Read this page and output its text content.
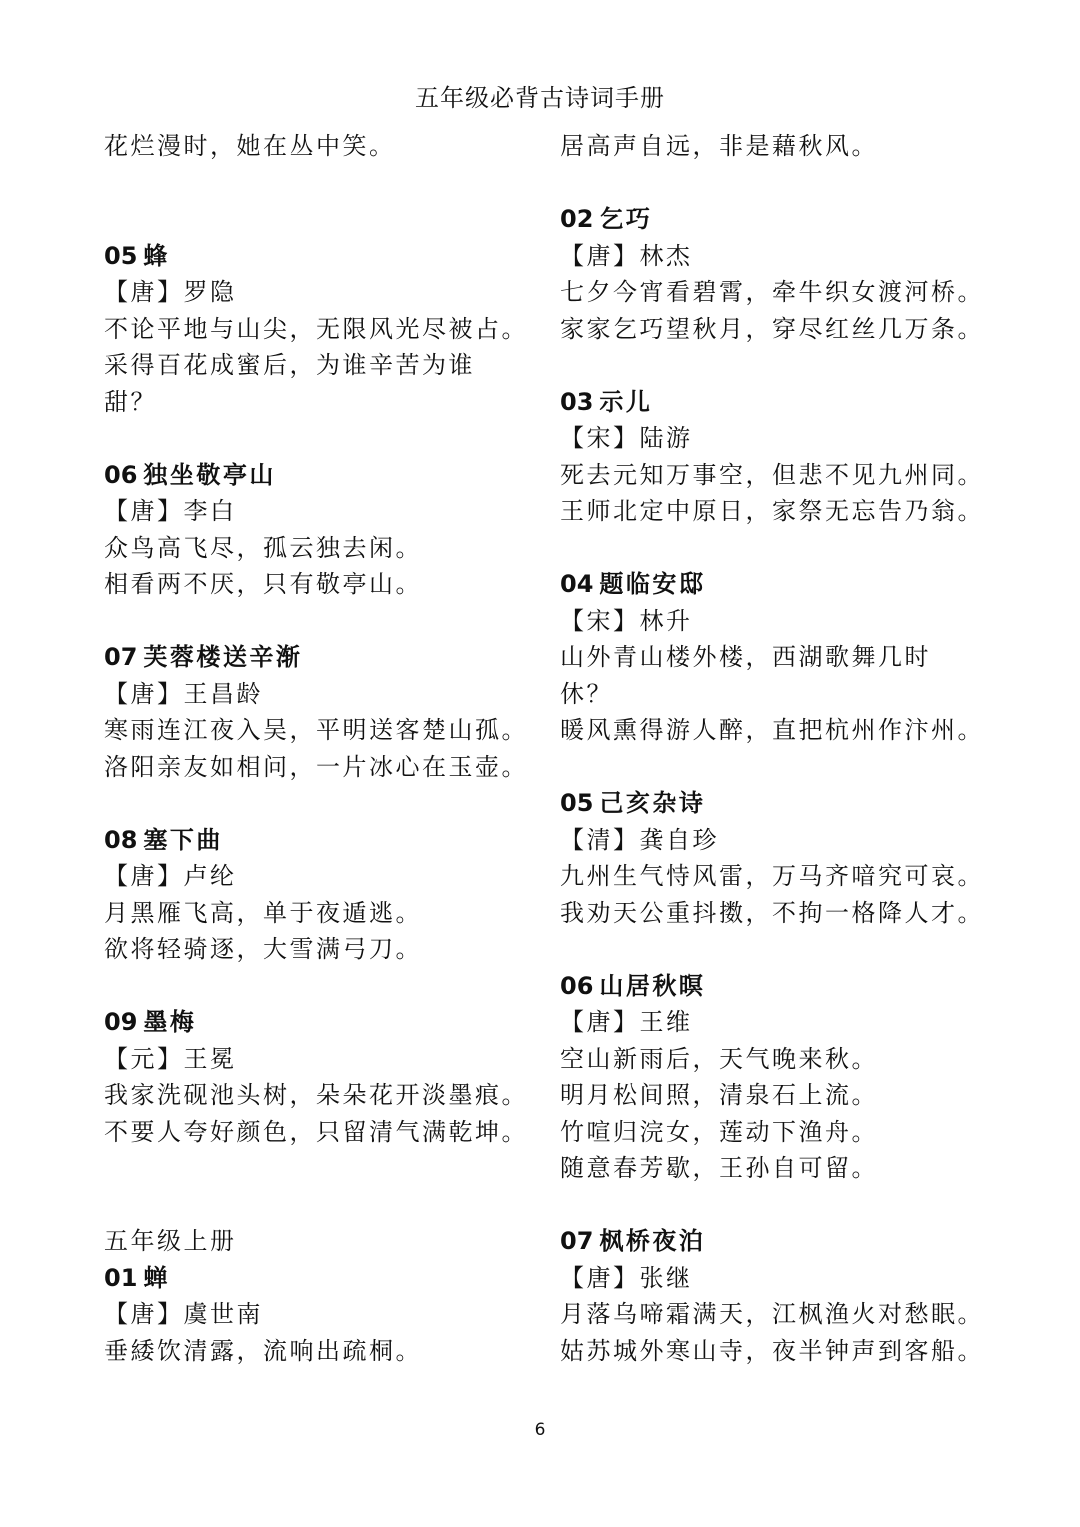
五年级必背古诗词手册
花烂漫时，她在丛中笑。
05 蜂
【唐】罗隐
不论平地与山尖，无限风光尽被占。
采得百花成蜜后，为谁辛苦为谁
甜？
06 独坐敬亭山
【唐】李白
众鸟高飞尽，孤云独去闲。
相看两不厌，只有敬亭山。
07 芙蓉楼送辛渐
【唐】王昌龄
寒雨连江夜入吴，平明送客楚山孤。
洛阳亲友如相问，一片冰心在玉壶。
08 塞下曲
【唐】卢纶
月黑雁飞高，单于夜遁逃。
欲将轻骑逐，大雪满弓刀。
09 墨梅
【元】王冕
我家洗砚池头树，朵朵花开淡墨痕。
不要人夸好颜色，只留清气满乾坤。
五年级上册
01 蝉
【唐】虞世南
垂緌饮清露，流响出疏桐。
居高声自远，非是藉秋风。
02 乞巧
【唐】林杰
七夕今宵看碧霄，牵牛织女渡河桥。
家家乞巧望秋月，穿尽红丝几万条。
03 示儿
【宋】陆游
死去元知万事空，但悲不见九州同。
王师北定中原日，家祭无忘告乃翁。
04 题临安邸
【宋】林升
山外青山楼外楼，西湖歌舞几时
休？
暖风熏得游人醉，直把杭州作汴州。
05 己亥杂诗
【清】龚自珍
九州生气恃风雷，万马齐喑究可哀。
我劝天公重抖擞，不拘一格降人才。
06 山居秋暝
【唐】王维
空山新雨后，天气晚来秋。
明月松间照，清泉石上流。
竹喧归浣女，莲动下渔舟。
随意春芳歇，王孙自可留。
07 枫桥夜泊
【唐】张继
月落乌啼霜满天，江枫渔火对愁眠。
姑苏城外寒山寺，夜半钟声到客船。
6
